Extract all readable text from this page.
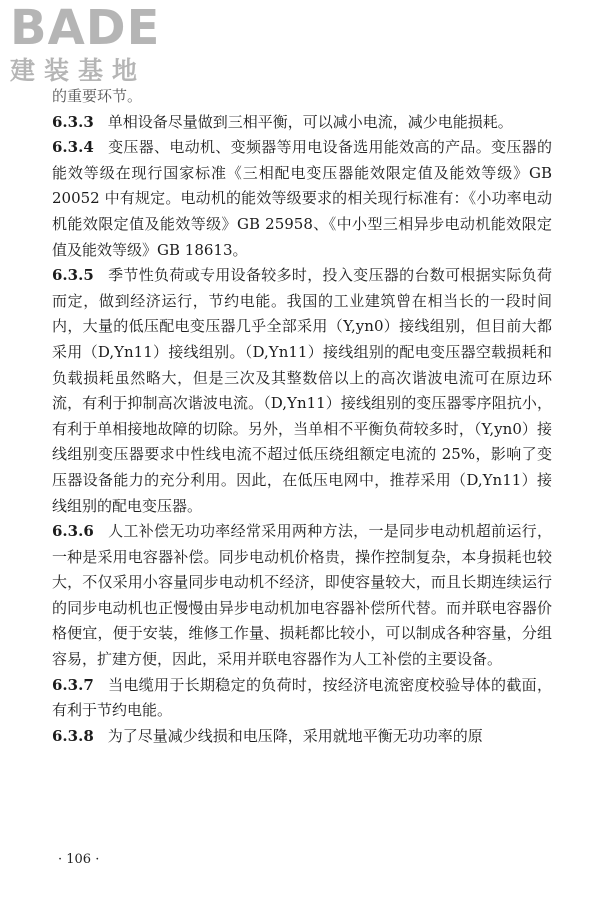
BADE
建装基地

的重要环节。

6.3.3 单相设备尽量做到三相平衡，可以减小电流，减少电能损耗。

6.3.4 变压器、电动机、变频器等用电设备选用能效高的产品。变压器的能效等级在现行国家标准《三相配电变压器能效限定值及能效等级》GB 20052 中有规定。电动机的能效等级要求的相关现行标准有：《小功率电动机能效限定值及能效等级》GB 25958、《中小型三相异步电动机能效限定值及能效等级》GB 18613。

6.3.5 季节性负荷或专用设备较多时，投入变压器的台数可根据实际负荷而定，做到经济运行，节约电能。我国的工业建筑曾在相当长的一段时间内，大量的低压配电变压器几乎全部采用（Y,yn0）接线组别，但目前大都采用（D,Yn11）接线组别。（D,Yn11）接线组别的配电变压器空载损耗和负载损耗虽然略大，但是三次及其整数倍以上的高次谐波电流可在原边环流，有利于抑制高次谐波电流。（D,Yn11）接线组别的变压器零序阻抗小，有利于单相接地故障的切除。另外，当单相不平衡负荷较多时，（Y,yn0）接线组别变压器要求中性线电流不超过低压绕组额定电流的 25%，影响了变压器设备能力的充分利用。因此，在低压电网中，推荐采用（D,Yn11）接线组别的配电变压器。

6.3.6 人工补偿无功功率经常采用两种方法，一是同步电动机超前运行，一种是采用电容器补偿。同步电动机价格贵，操作控制复杂，本身损耗也较大，不仅采用小容量同步电动机不经济，即使容量较大，而且长期连续运行的同步电动机也正慢慢由异步电动机加电容器补偿所代替。而并联电容器价格便宜，便于安装，维修工作量、损耗都比较小，可以制成各种容量，分组容易，扩建方便，因此，采用并联电容器作为人工补偿的主要设备。

6.3.7 当电缆用于长期稳定的负荷时，按经济电流密度校验导体的截面，有利于节约电能。

6.3.8 为了尽量减少线损和电压降，采用就地平衡无功功率的原

· 106 ·
